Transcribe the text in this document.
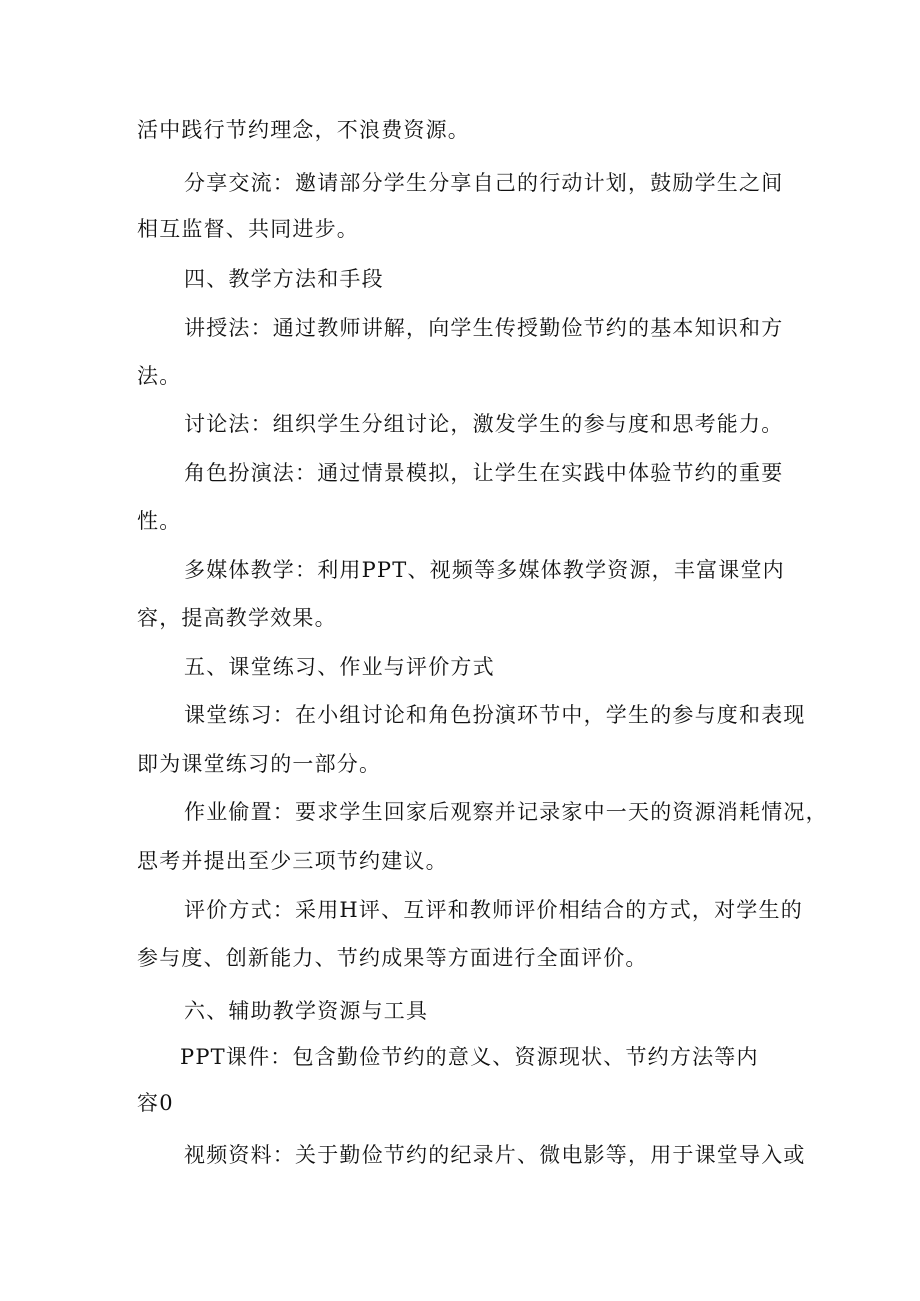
活中践行节约理念，不浪费资源。
分享交流：邀请部分学生分享自己的行动计划，鼓励学生之间
相互监督、共同进步。
四、教学方法和手段
讲授法：通过教师讲解，向学生传授勤俭节约的基本知识和方
法。
讨论法：组织学生分组讨论，激发学生的参与度和思考能力。
角色扮演法：通过情景模拟，让学生在实践中体验节约的重要
性。
多媒体教学：利用PPT、视频等多媒体教学资源，丰富课堂内
容，提高教学效果。
五、课堂练习、作业与评价方式
课堂练习：在小组讨论和角色扮演环节中，学生的参与度和表现
即为课堂练习的一部分。
作业偷置：要求学生回家后观察并记录家中一天的资源消耗情况，
思考并提出至少三项节约建议。
评价方式：采用H评、互评和教师评价相结合的方式，对学生的
参与度、创新能力、节约成果等方面进行全面评价。
六、辅助教学资源与工具
PPT课件：包含勤俭节约的意义、资源现状、节约方法等内
容0
视频资料：关于勤俭节约的纪录片、微电影等，用于课堂导入或
